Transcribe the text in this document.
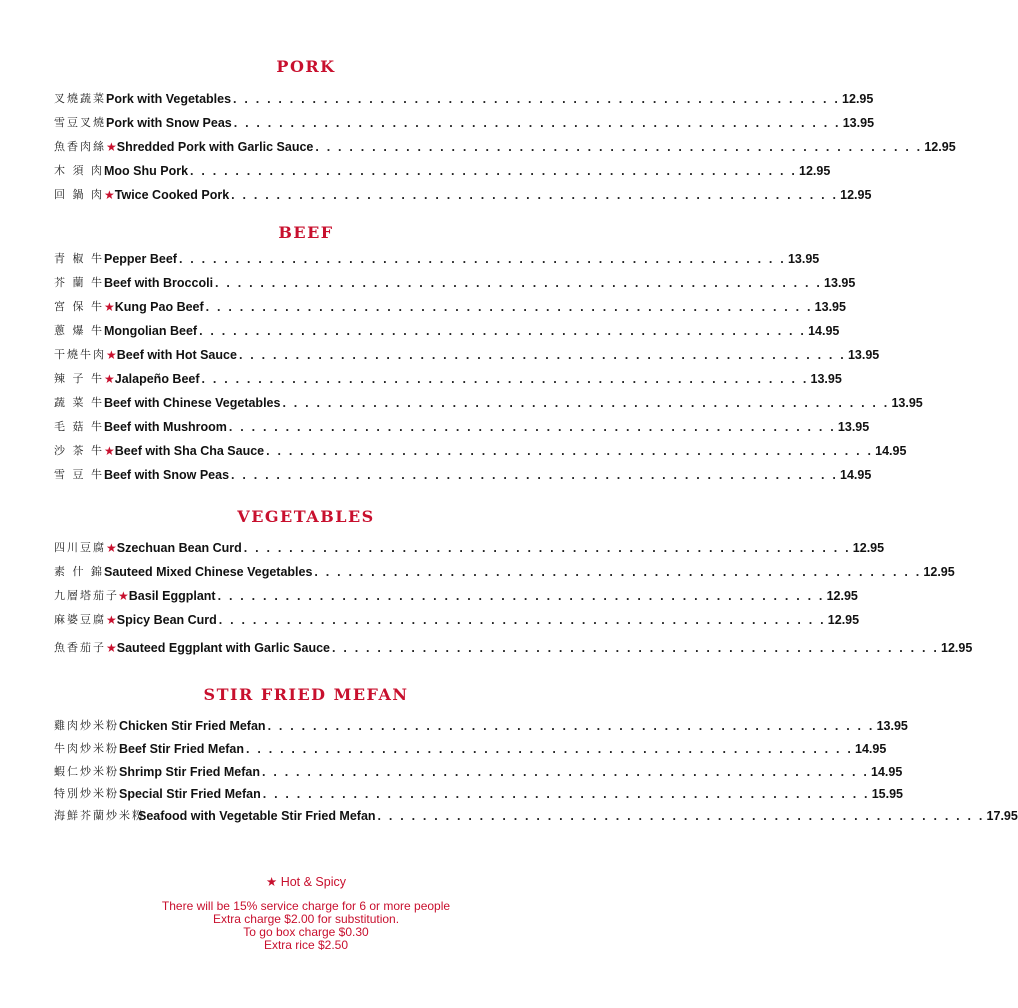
PORK
叉燒蔬菜 Pork with Vegetables . . . . . . . . . . . . . . . . . . . . . . . . . . . . . . . . . . . . . . . . . . . . . . . . . . . . . . 12.95
雪豆叉燒 Pork with Snow Peas . . . . . . . . . . . . . . . . . . . . . . . . . . . . . . . . . . . . . . . . . . . . . . . . . . . . . . 13.95
魚香肉絲 ★ Shredded Pork with Garlic Sauce . . . . . . . . . . . . . . . . . . . . . . . . . . . . . . . . . . . . . . . . . . . . . . . . . . . . . . 12.95
木 須 肉 Moo Shu Pork . . . . . . . . . . . . . . . . . . . . . . . . . . . . . . . . . . . . . . . . . . . . . . . . . . . . . . 12.95
回 鍋 肉 ★ Twice Cooked Pork . . . . . . . . . . . . . . . . . . . . . . . . . . . . . . . . . . . . . . . . . . . . . . . . . . . . . . 12.95
BEEF
青 椒 牛 Pepper Beef . . . . . . . . . . . . . . . . . . . . . . . . . . . . . . . . . . . . . . . . . . . . . . . . . . . . . . 13.95
芥 蘭 牛 Beef with Broccoli . . . . . . . . . . . . . . . . . . . . . . . . . . . . . . . . . . . . . . . . . . . . . . . . . . . . . . 13.95
宮 保 牛 ★ Kung Pao Beef . . . . . . . . . . . . . . . . . . . . . . . . . . . . . . . . . . . . . . . . . . . . . . . . . . . . . . 13.95
蔥 爆 牛 Mongolian Beef . . . . . . . . . . . . . . . . . . . . . . . . . . . . . . . . . . . . . . . . . . . . . . . . . . . . . . 14.95
干燒牛肉 ★ Beef with Hot Sauce . . . . . . . . . . . . . . . . . . . . . . . . . . . . . . . . . . . . . . . . . . . . . . . . . . . . . . 13.95
辣 子 牛 ★ Jalapeño Beef . . . . . . . . . . . . . . . . . . . . . . . . . . . . . . . . . . . . . . . . . . . . . . . . . . . . . . 13.95
蔬 菜 牛 Beef with Chinese Vegetables . . . . . . . . . . . . . . . . . . . . . . . . . . . . . . . . . . . . . . . . . . . . . . . . . . . . . . 13.95
毛 菇 牛 Beef with Mushroom . . . . . . . . . . . . . . . . . . . . . . . . . . . . . . . . . . . . . . . . . . . . . . . . . . . . . . 13.95
沙 茶 牛 ★ Beef with Sha Cha Sauce . . . . . . . . . . . . . . . . . . . . . . . . . . . . . . . . . . . . . . . . . . . . . . . . . . . . . . 14.95
雪 豆 牛 Beef with Snow Peas . . . . . . . . . . . . . . . . . . . . . . . . . . . . . . . . . . . . . . . . . . . . . . . . . . . . . . 14.95
VEGETABLES
四川豆腐 ★ Szechuan Bean Curd . . . . . . . . . . . . . . . . . . . . . . . . . . . . . . . . . . . . . . . . . . . . . . . . . . . . . . 12.95
素 什 錦 Sauteed Mixed Chinese Vegetables . . . . . . . . . . . . . . . . . . . . . . . . . . . . . . . . . . . . . . . . . . . . . . . . . . . . . . 12.95
九層塔茄子 ★ Basil Eggplant . . . . . . . . . . . . . . . . . . . . . . . . . . . . . . . . . . . . . . . . . . . . . . . . . . . . . . 12.95
麻婆豆腐 ★ Spicy Bean Curd . . . . . . . . . . . . . . . . . . . . . . . . . . . . . . . . . . . . . . . . . . . . . . . . . . . . . . 12.95
魚香茄子 ★ Sauteed Eggplant with Garlic Sauce . . . . . . . . . . . . . . . . . . . . . . . . . . . . . . . . . . . . . . . . . . . . . . . . . . . . . . 12.95
STIR FRIED MEFAN
雞肉炒米粉 Chicken Stir Fried Mefan . . . . . . . . . . . . . . . . . . . . . . . . . . . . . . . . . . . . . . . . . . . . . . . . . . . . . . 13.95
牛肉炒米粉 Beef Stir Fried Mefan . . . . . . . . . . . . . . . . . . . . . . . . . . . . . . . . . . . . . . . . . . . . . . . . . . . . . . 14.95
蝦仁炒米粉 Shrimp Stir Fried Mefan . . . . . . . . . . . . . . . . . . . . . . . . . . . . . . . . . . . . . . . . . . . . . . . . . . . . . . 14.95
特別炒米粉 Special Stir Fried Mefan . . . . . . . . . . . . . . . . . . . . . . . . . . . . . . . . . . . . . . . . . . . . . . . . . . . . . . 15.95
海鮮芥蘭炒米粉
Seafood with Vegetable Stir Fried Mefan . . . . . . . . . . . . . . . . . . . . . . . . . . . . . . . . . . . . . . . . . . . . . . . . . . . . . . 17.95
★ Hot & Spicy
There will be 15% service charge for 6 or more people
Extra charge $2.00 for substitution.
To go box charge $0.30
Extra rice $2.50
